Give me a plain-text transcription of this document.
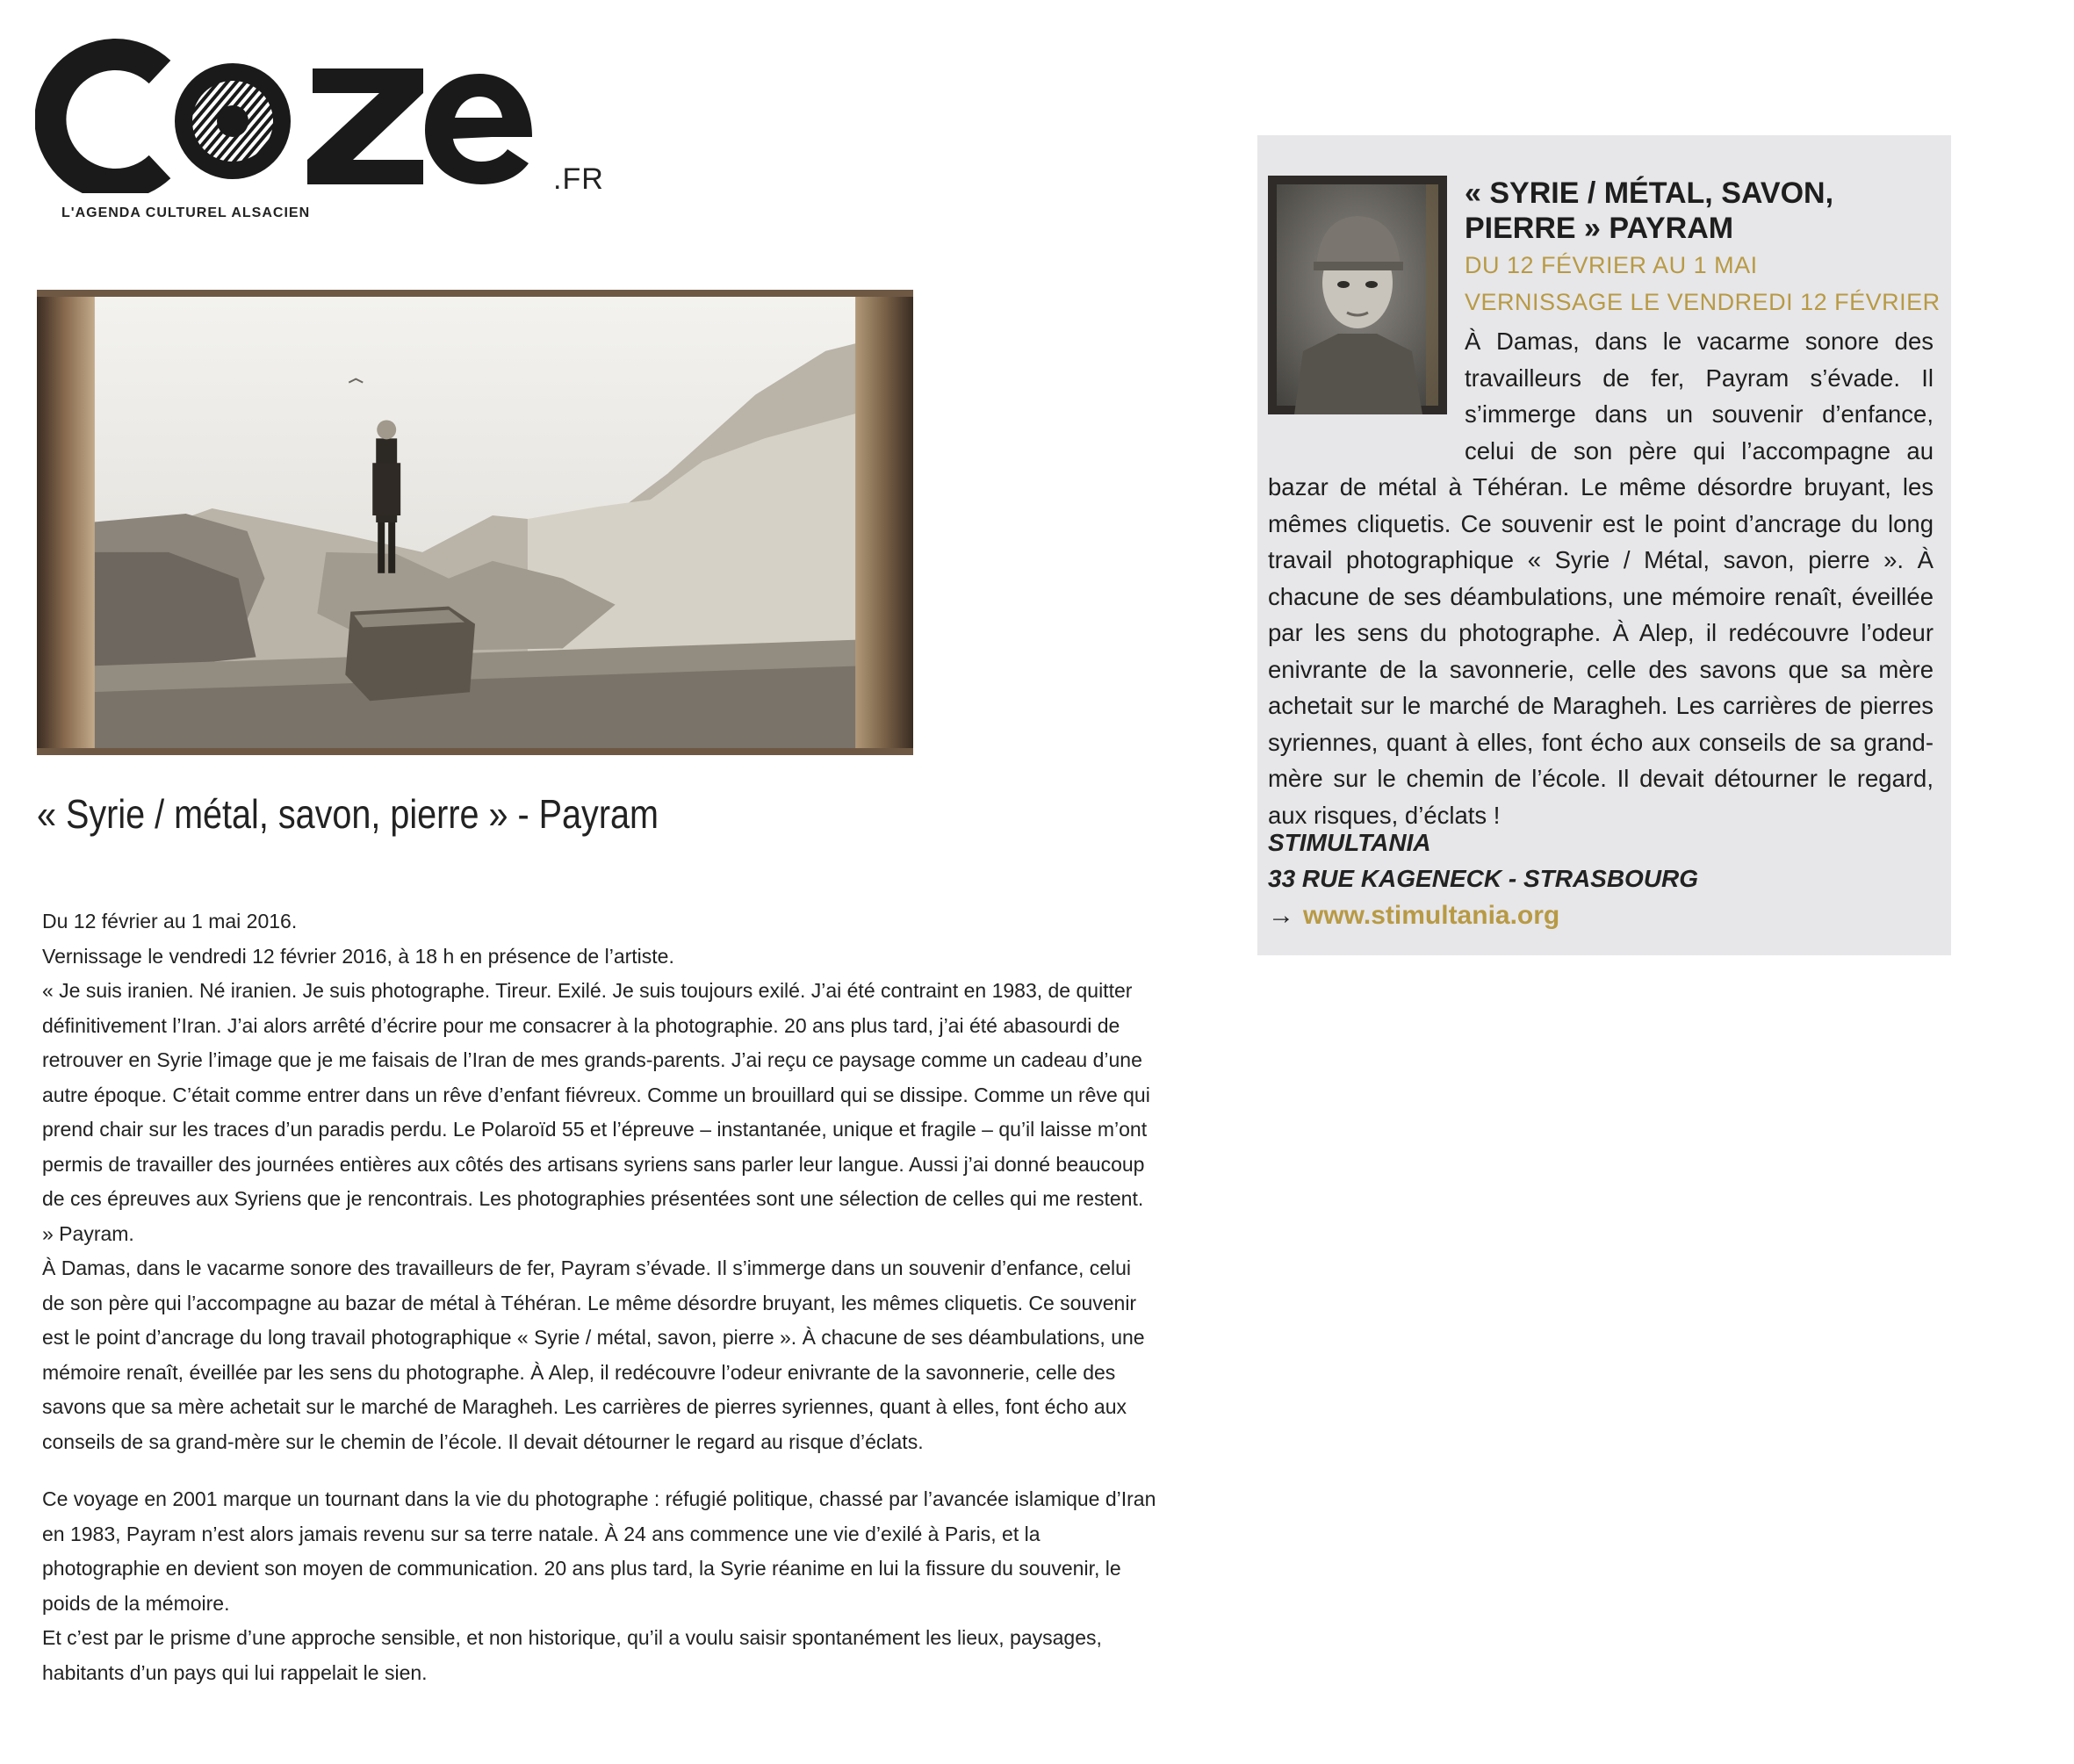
.FR
L'AGENDA CULTUREL ALSACIEN
« Syrie / métal, savon, pierre » - Payram

Du 12 février au 1 mai 2016.

Vernissage le vendredi 12 février 2016, à 18 h en présence de l’artiste.

« Je suis iranien. Né iranien. Je suis photographe. Tireur. Exilé. Je suis toujours exilé. J’ai été contraint en 1983, de quitter définitivement l’Iran. J’ai alors arrêté d’écrire pour me consacrer à la photographie. 20 ans plus tard, j’ai été abasourdi de retrouver en Syrie l’image que je me faisais de l’Iran de mes grands-parents. J’ai reçu ce paysage comme un cadeau d’une autre époque. C’était comme entrer dans un rêve d’enfant fiévreux. Comme un brouillard qui se dissipe. Comme un rêve qui prend chair sur les traces d’un paradis perdu. Le Polaroïd 55 et l’épreuve – instantanée, unique et fragile – qu’il laisse m’ont permis de travailler des journées entières aux côtés des artisans syriens sans parler leur langue. Aussi j’ai donné beaucoup de ces épreuves aux Syriens que je rencontrais. Les photographies présentées sont une sélection de celles qui me restent. » Payram.

À Damas, dans le vacarme sonore des travailleurs de fer, Payram s’évade. Il s’immerge dans un souvenir d’enfance, celui de son père qui l’accompagne au bazar de métal à Téhéran. Le même désordre bruyant, les mêmes cliquetis. Ce souvenir est le point d’ancrage du long travail photographique « Syrie / métal, savon, pierre ». À chacune de ses déambulations, une mémoire renaît, éveillée par les sens du photographe. À Alep, il redécouvre l’odeur enivrante de la savonnerie, celle des savons que sa mère achetait sur le marché de Maragheh. Les carrières de pierres syriennes, quant à elles, font écho aux conseils de sa grand-mère sur le chemin de l’école. Il devait détourner le regard au risque d’éclats.

Ce voyage en 2001 marque un tournant dans la vie du photographe : réfugié politique, chassé par l’avancée islamique d’Iran en 1983, Payram n’est alors jamais revenu sur sa terre natale. À 24 ans commence une vie d’exilé à Paris, et la photographie en devient son moyen de communication. 20 ans plus tard, la Syrie réanime en lui la fissure du souvenir, le poids de la mémoire.

Et c’est par le prisme d’une approche sensible, et non historique, qu’il a voulu saisir spontanément les lieux, paysages, habitants d’un pays qui lui rappelait le sien.

« SYRIE / MÉTAL, SAVON, PIERRE » PAYRAM
DU 12 FÉVRIER AU 1 MAI
VERNISSAGE LE VENDREDI 12 FÉVRIER
À Damas, dans le vacarme sonore des travailleurs de fer, Payram s’évade. Il s’immerge dans un souvenir d’enfance, celui de son père qui l’accompagne au bazar de métal à Téhéran. Le même désordre bruyant, les mêmes cliquetis. Ce souvenir est le point d’ancrage du long travail photographique « Syrie / Métal, savon, pierre ». À chacune de ses déambulations, une mémoire renaît, éveillée par les sens du photographe. À Alep, il redécouvre l’odeur enivrante de la savonnerie, celle des savons que sa mère achetait sur le marché de Maragheh. Les carrières de pierres syriennes, quant à elles, font écho aux conseils de sa grand-mère sur le chemin de l’école. Il devait détourner le regard, aux risques, d’éclats !
STIMULTANIA
33 RUE KAGENECK - STRASBOURG
→ www.stimultania.org
